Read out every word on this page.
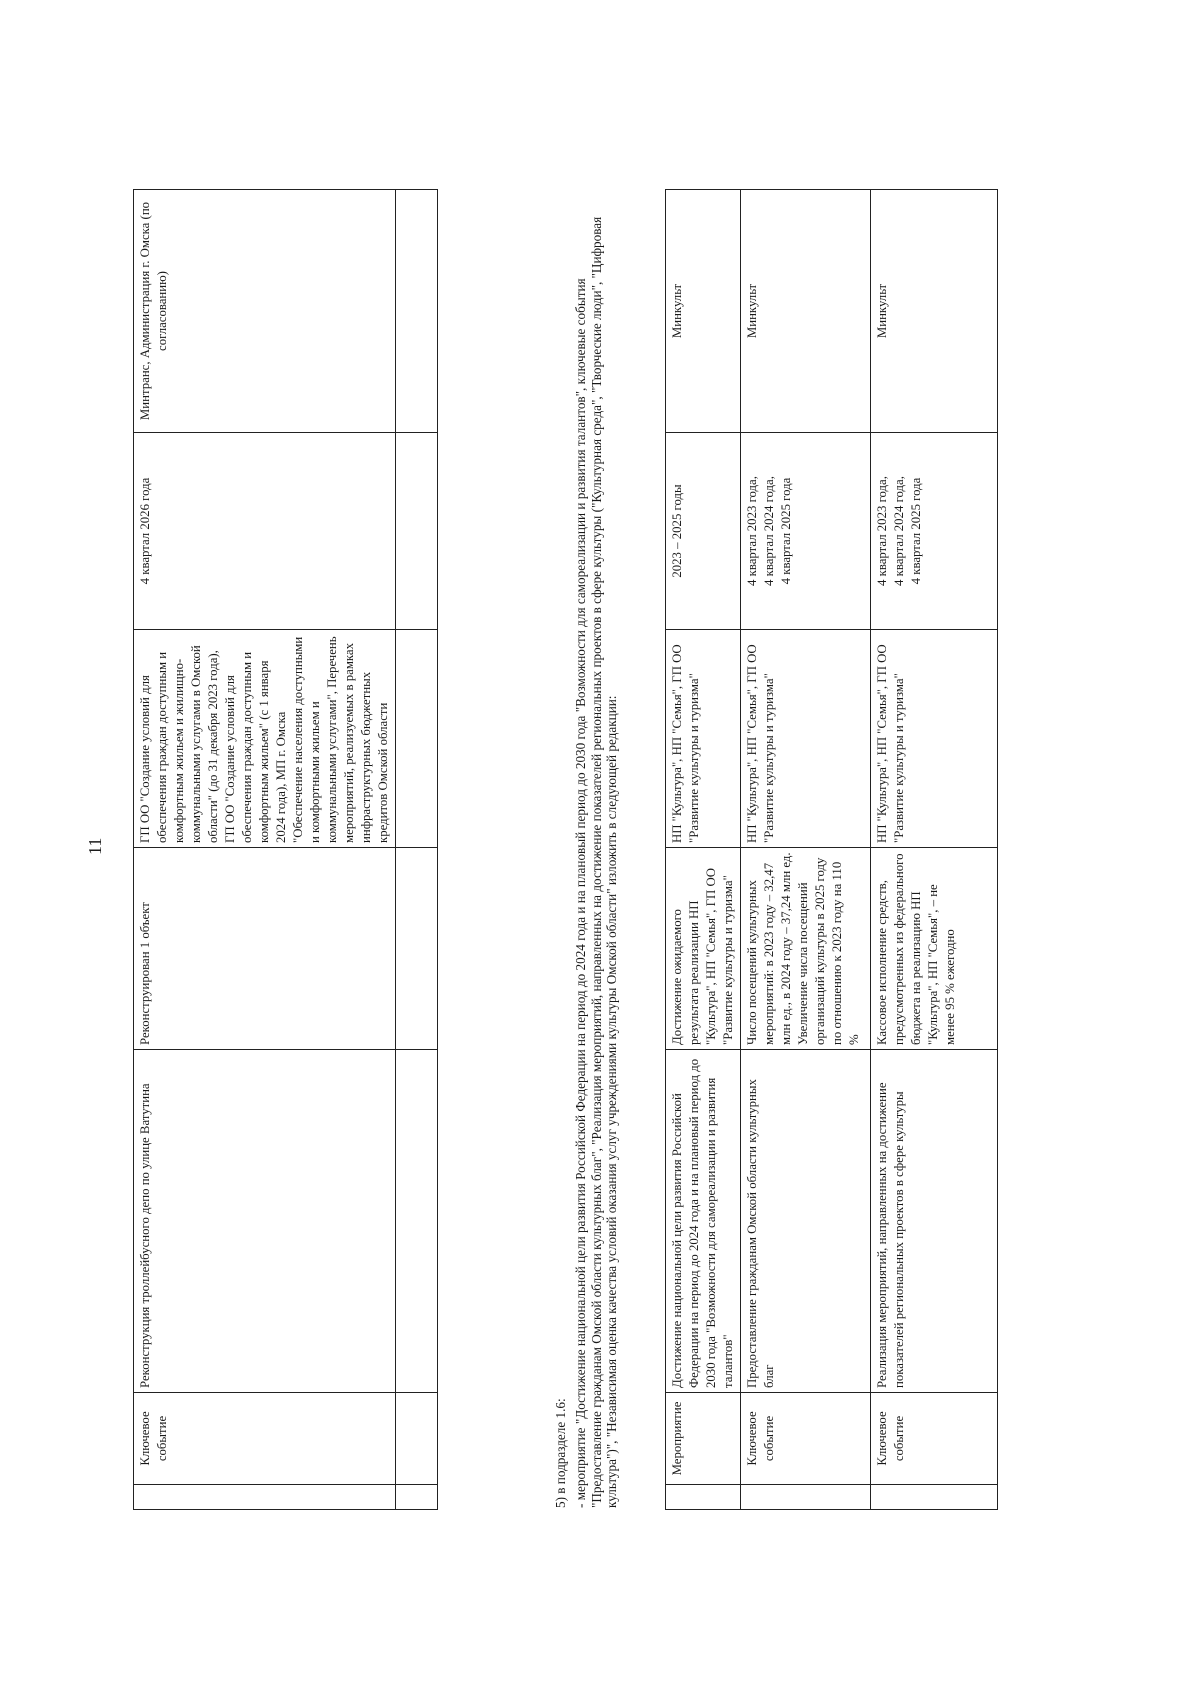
11
	Ключевое событие	Реконструкция троллейбусного депо по улице Ватутина	Реконструирован 1 объект	ГП ОО "Создание условий для обеспечения граждан доступным и комфортным жильем и жилищно-коммунальными услугами в Омской области" (до 31 декабря 2023 года), ГП ОО "Создание условий для обеспечения граждан доступным и комфортным жильем" (с 1 января 2024 года), МП г. Омска "Обеспечение населения доступными и комфортными жильем и коммунальными услугами", Перечень мероприятий, реализуемых в рамках инфраструктурных бюджетных кредитов Омской области	4 квартал 2026 года	Минтранс, Администрация г. Омска (по согласованию)

5) в подразделе 1.6: - мероприятие "Достижение национальной цели развития Российской Федерации на период до 2024 года и на плановый период до 2030 года "Возможности для самореализации и развития талантов", ключевые события "Предоставление гражданам Омской области культурных благ", "Реализация мероприятий, направленных на достижение показателей региональных проектов в сфере культуры ("Культурная среда", "Творческие люди", "Цифровая культура")", "Независимая оценка качества условий оказания услуг учреждениями культуры Омской области" изложить в следующей редакции:
		Мероприятие	Достижение национальной цели развития Российской Федерации на период до 2024 года и на плановый период до 2030 года "Возможности для самореализации и развития талантов"	Достижение ожидаемого результата реализации НП "Культура", НП "Семья", ГП ОО "Развитие культуры и туризма"	НП "Культура", НП "Семья", ГП ОО "Развитие культуры и туризма"	2023 – 2025 годы	Минкульт
	Ключевое событие	Предоставление гражданам Омской области культурных благ	Число посещений культурных мероприятий: в 2023 году – 32,47 млн ед., в 2024 году – 37,24 млн ед.
Увеличение числа посещений организаций культуры в 2025 году по отношению к 2023 году на 110 %	НП "Культура", НП "Семья", ГП ОО "Развитие культуры и туризма"	4 квартал 2023 года,
4 квартал 2024 года,
4 квартал 2025 года	Минкульт
	Ключевое событие	Реализация мероприятий, направленных на достижение показателей региональных проектов в сфере культуры	Кассовое исполнение средств, предусмотренных из федерального бюджета на реализацию НП "Культура", НП "Семья", – не менее 95 % ежегодно	НП "Культура", НП "Семья", ГП ОО "Развитие культуры и туризма"	4 квартал 2023 года,
4 квартал 2024 года,
4 квартал 2025 года	Минкульт
